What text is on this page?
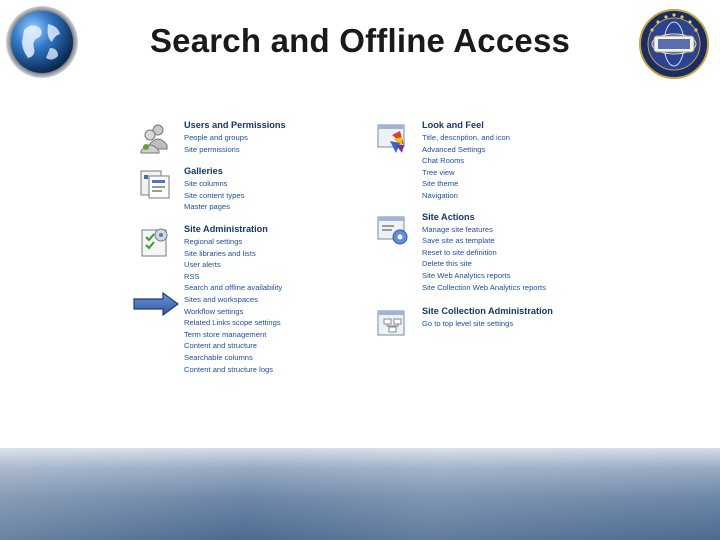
Search and Offline Access
Users and Permissions
People and groups
Site permissions
Galleries
Site columns
Site content types
Master pages
Site Administration
Regional settings
Site libraries and lists
User alerts
RSS
Search and offline availability
Sites and workspaces
Workflow settings
Related Links scope settings
Term store management
Content and structure
Searchable columns
Content and structure logs
Look and Feel
Title, description, and icon
Advanced Settings
Chat Rooms
Tree view
Site theme
Navigation
Site Actions
Manage site features
Save site as template
Reset to site definition
Delete this site
Site Web Analytics reports
Site Collection Web Analytics reports
Site Collection Administration
Go to top level site settings
